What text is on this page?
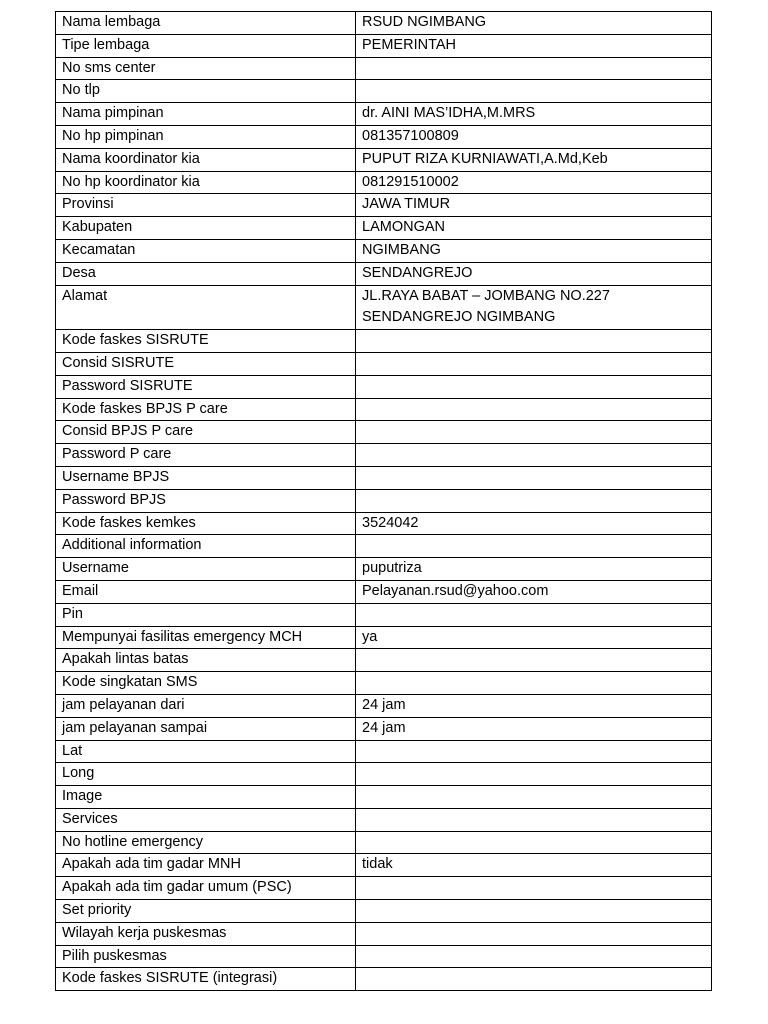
Nama lembaga	RSUD NGIMBANG
Tipe lembaga	PEMERINTAH
No sms center	
No tlp	
Nama pimpinan	dr. AINI MAS’IDHA,M.MRS
No hp pimpinan	081357100809
Nama koordinator kia	PUPUT RIZA KURNIAWATI,A.Md,Keb
No hp koordinator kia	081291510002
Provinsi	JAWA TIMUR
Kabupaten	LAMONGAN
Kecamatan	NGIMBANG
Desa	SENDANGREJO
Alamat	JL.RAYA BABAT – JOMBANG NO.227
SENDANGREJO NGIMBANG

Kode faskes SISRUTE	
Consid SISRUTE	
Password SISRUTE	
Kode faskes BPJS P care	
Consid BPJS P care	
Password P care	
Username BPJS	
Password BPJS	
Kode faskes kemkes	3524042
Additional information	
Username	puputriza
Email	Pelayanan.rsud@yahoo.com
Pin	
Mempunyai fasilitas emergency MCH	ya
Apakah lintas batas	
Kode singkatan SMS	
jam pelayanan dari	24 jam
jam pelayanan sampai	24 jam
Lat	
Long	
Image	
Services	
No hotline emergency	
Apakah ada tim gadar MNH	tidak
Apakah ada tim gadar umum (PSC)	
Set priority	
Wilayah kerja puskesmas	
Pilih puskesmas	
Kode faskes SISRUTE (integrasi)	
